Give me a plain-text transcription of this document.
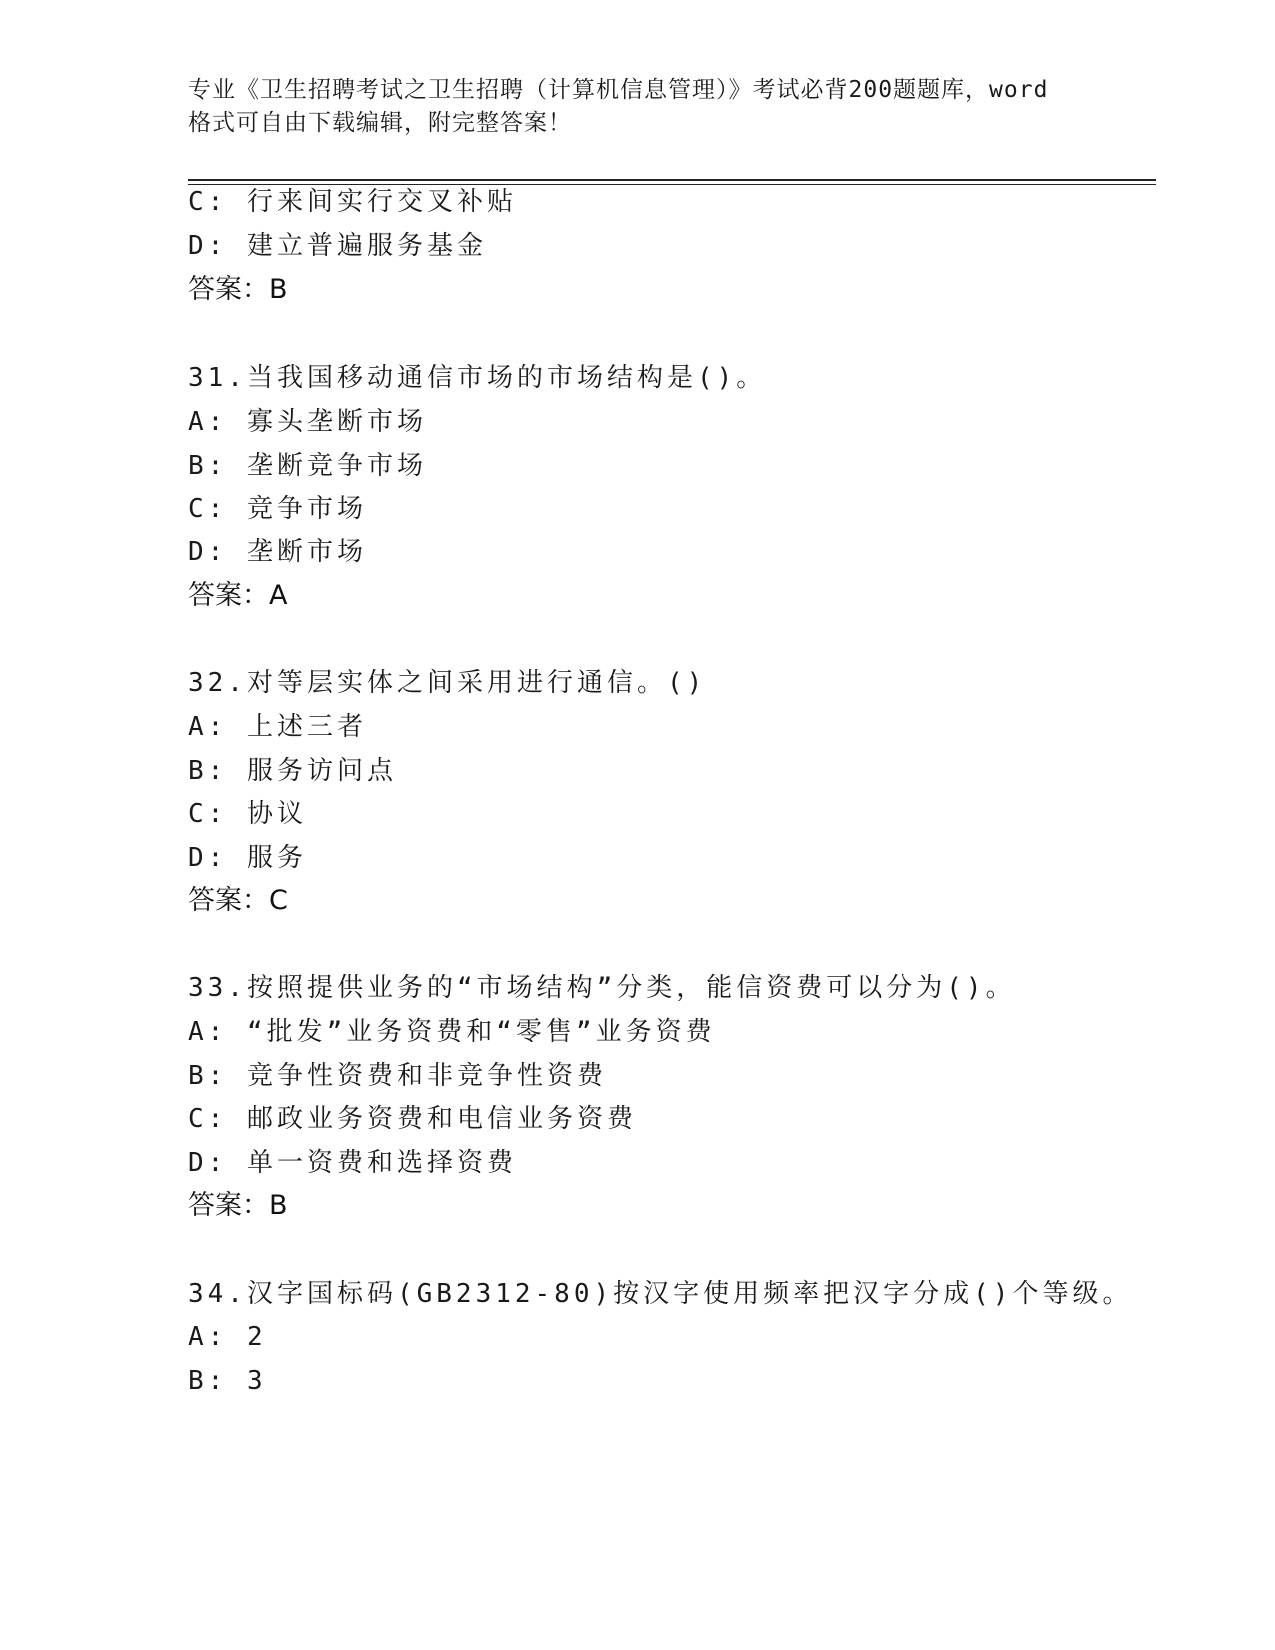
专业《卫生招聘考试之卫生招聘（计算机信息管理）》考试必背200题题库，word
格式可自由下载编辑，附完整答案！
C: 行来间实行交叉补贴
D: 建立普遍服务基金
答案：B
31.当我国移动通信市场的市场结构是()。
A: 寡头垄断市场
B: 垄断竞争市场
C: 竞争市场
D: 垄断市场
答案：A
32.对等层实体之间采用进行通信。()
A: 上述三者
B: 服务访问点
C: 协议
D: 服务
答案：C
33.按照提供业务的“市场结构”分类，能信资费可以分为()。
A: “批发”业务资费和“零售”业务资费
B: 竞争性资费和非竞争性资费
C: 邮政业务资费和电信业务资费
D: 单一资费和选择资费
答案：B
34.汉字国标码(GB2312-80)按汉字使用频率把汉字分成()个等级。
A: 2
B: 3
